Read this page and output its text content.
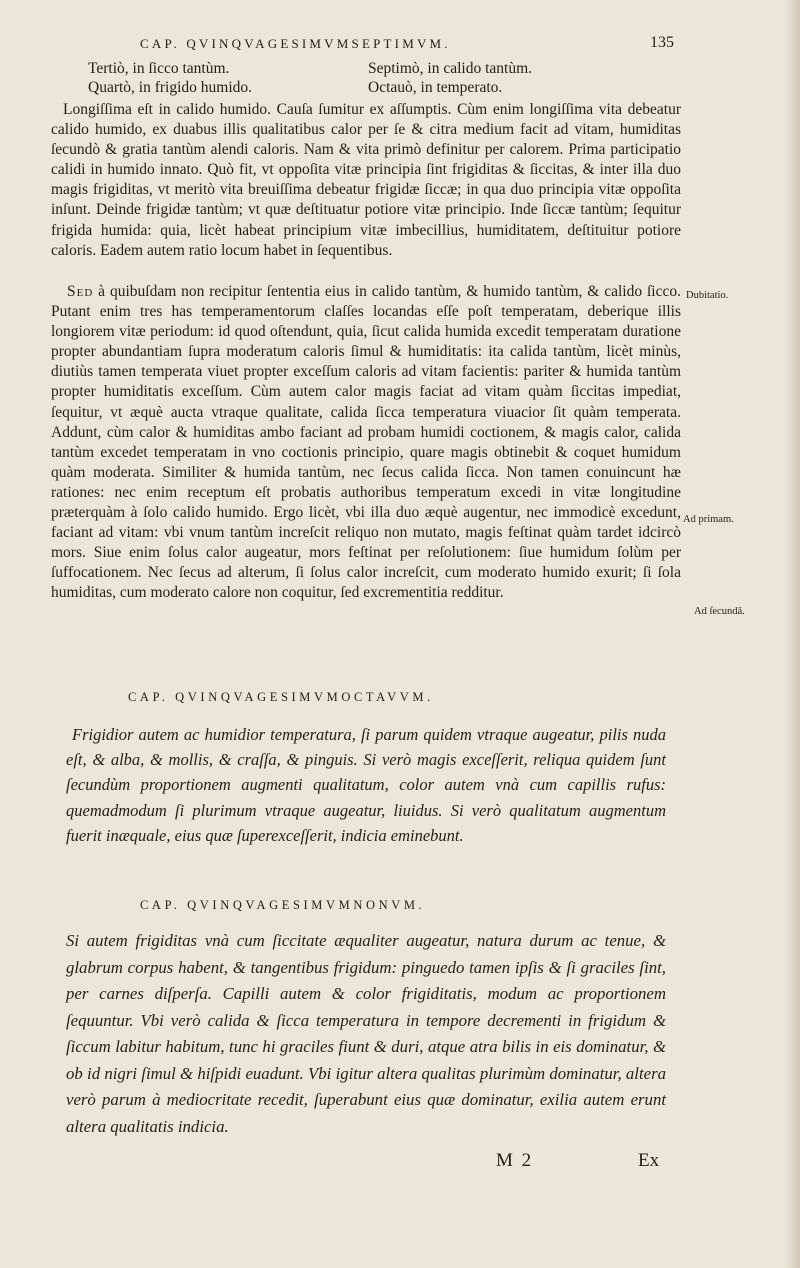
CAP. QVINQVAGESIMVMSEPTIMVM.	135
Tertiò, in ſicco tantùm.	Septimò, in calido tantùm.
Quartò, in frigido humido.	Octauò, in temperato.

Longiſſima eſt in calido humido. Cauſa ſumitur ex aſſumptis. Cùm enim longiſſima vita debeatur calido humido, ex duabus illis qualitatibus calor per ſe & citra medium facit ad vitam, humiditas ſecundò & gratia tantùm alendi caloris. Nam & vita primò definitur per calorem. Prima participatio calidi in humido innato. Quò fit, vt oppoſita vitæ principia ſint frigiditas & ſiccitas, & inter illa duo magis frigiditas, vt meritò vita breuiſſima debeatur frigidæ ſiccæ; in qua duo principia vitæ oppoſita inſunt. Deinde frigidæ tantùm; vt quæ deſtituatur potiore vitæ principio. Inde ſiccæ tantùm; ſequitur frigida humida: quia, licèt habeat principium vitæ imbecillius, humiditatem, deſtituitur potiore caloris. Eadem autem ratio locum habet in ſequentibus.

Sed à quibuſdam non recipitur ſententia eius in calido tantùm, & humido tantùm, & calido ſicco. Putant enim tres has temperamentorum claſſes locandas eſſe poſt temperatam, deberique illis longiorem vitæ periodum: id quod oſtendunt, quia, ſicut calida humida excedit temperatam duratione propter abundantiam ſupra moderatum caloris ſimul & humiditatis: ita calida tantùm, licèt minùs, diutiùs tamen temperata viuet propter exceſſum caloris ad vitam facientis: pariter & humida tantùm propter humiditatis exceſſum. Cùm autem calor magis faciat ad vitam quàm ſiccitas impediat, ſequitur, vt æquè aucta vtraque qualitate, calida ſicca temperatura viuacior ſit quàm temperata. Addunt, cùm calor & humiditas ambo faciant ad probam humidi coctionem, & magis calor, calida tantùm excedet temperatam in vno coctionis principio, quare magis obtinebit & coquet humidum quàm moderata. Similiter & humida tantùm, nec ſecus calida ſicca. Non tamen conuincunt hæ rationes: nec enim receptum eſt probatis authoribus temperatum excedi in vitæ longitudine præterquàm à ſolo calido humido. Ergo licèt, vbi illa duo æquè augentur, nec immodicè excedunt, faciant ad vitam: vbi vnum tantùm increſcit reliquo non mutato, magis feſtinat quàm tardet idcircò mors. Siue enim ſolus calor augeatur, mors feſtinat per reſolutionem: ſiue humidum ſolùm per ſuffocationem. Nec ſecus ad alterum, ſi ſolus calor increſcit, cum moderato humido exurit; ſi ſola humiditas, cum moderato calore non coquitur, ſed excrementitia redditur.

Dubitatio.
Ad primam.
Ad ſecundā.
CAP. QVINQVAGESIMVMOCTAVVM.

Frigidior autem ac humidior temperatura, ſi parum quidem vtraque augeatur, pilis nuda eſt, & alba, & mollis, & craſſa, & pinguis. Si verò magis exceſſerit, reliqua quidem ſunt ſecundùm proportionem augmenti qualitatum, color autem vnà cum capillis rufus: quemadmodum ſi plurimum vtraque augeatur, liuidus. Si verò qualitatum augmentum fuerit inæquale, eius quæ ſuperexceſſerit, indicia eminebunt.

CAP. QVINQVAGESIMVMNONVM.

Si autem frigiditas vnà cum ſiccitate æqualiter augeatur, natura durum ac tenue, & glabrum corpus habent, & tangentibus frigidum: pinguedo tamen ipſis & ſi graciles ſint, per carnes diſperſa. Capilli autem & color frigiditatis, modum ac proportionem ſequuntur. Vbi verò calida & ſicca temperatura in tempore decrementi in frigidum & ſiccum labitur habitum, tunc hi graciles fiunt & duri, atque atra bilis in eis dominatur, & ob id nigri ſimul & hiſpidi euadunt. Vbi igitur altera qualitas plurimùm dominatur, altera verò parum à mediocritate recedit, ſuperabunt eius quæ dominatur, exilia autem erunt altera qualitatis indicia.

M 2	Ex
